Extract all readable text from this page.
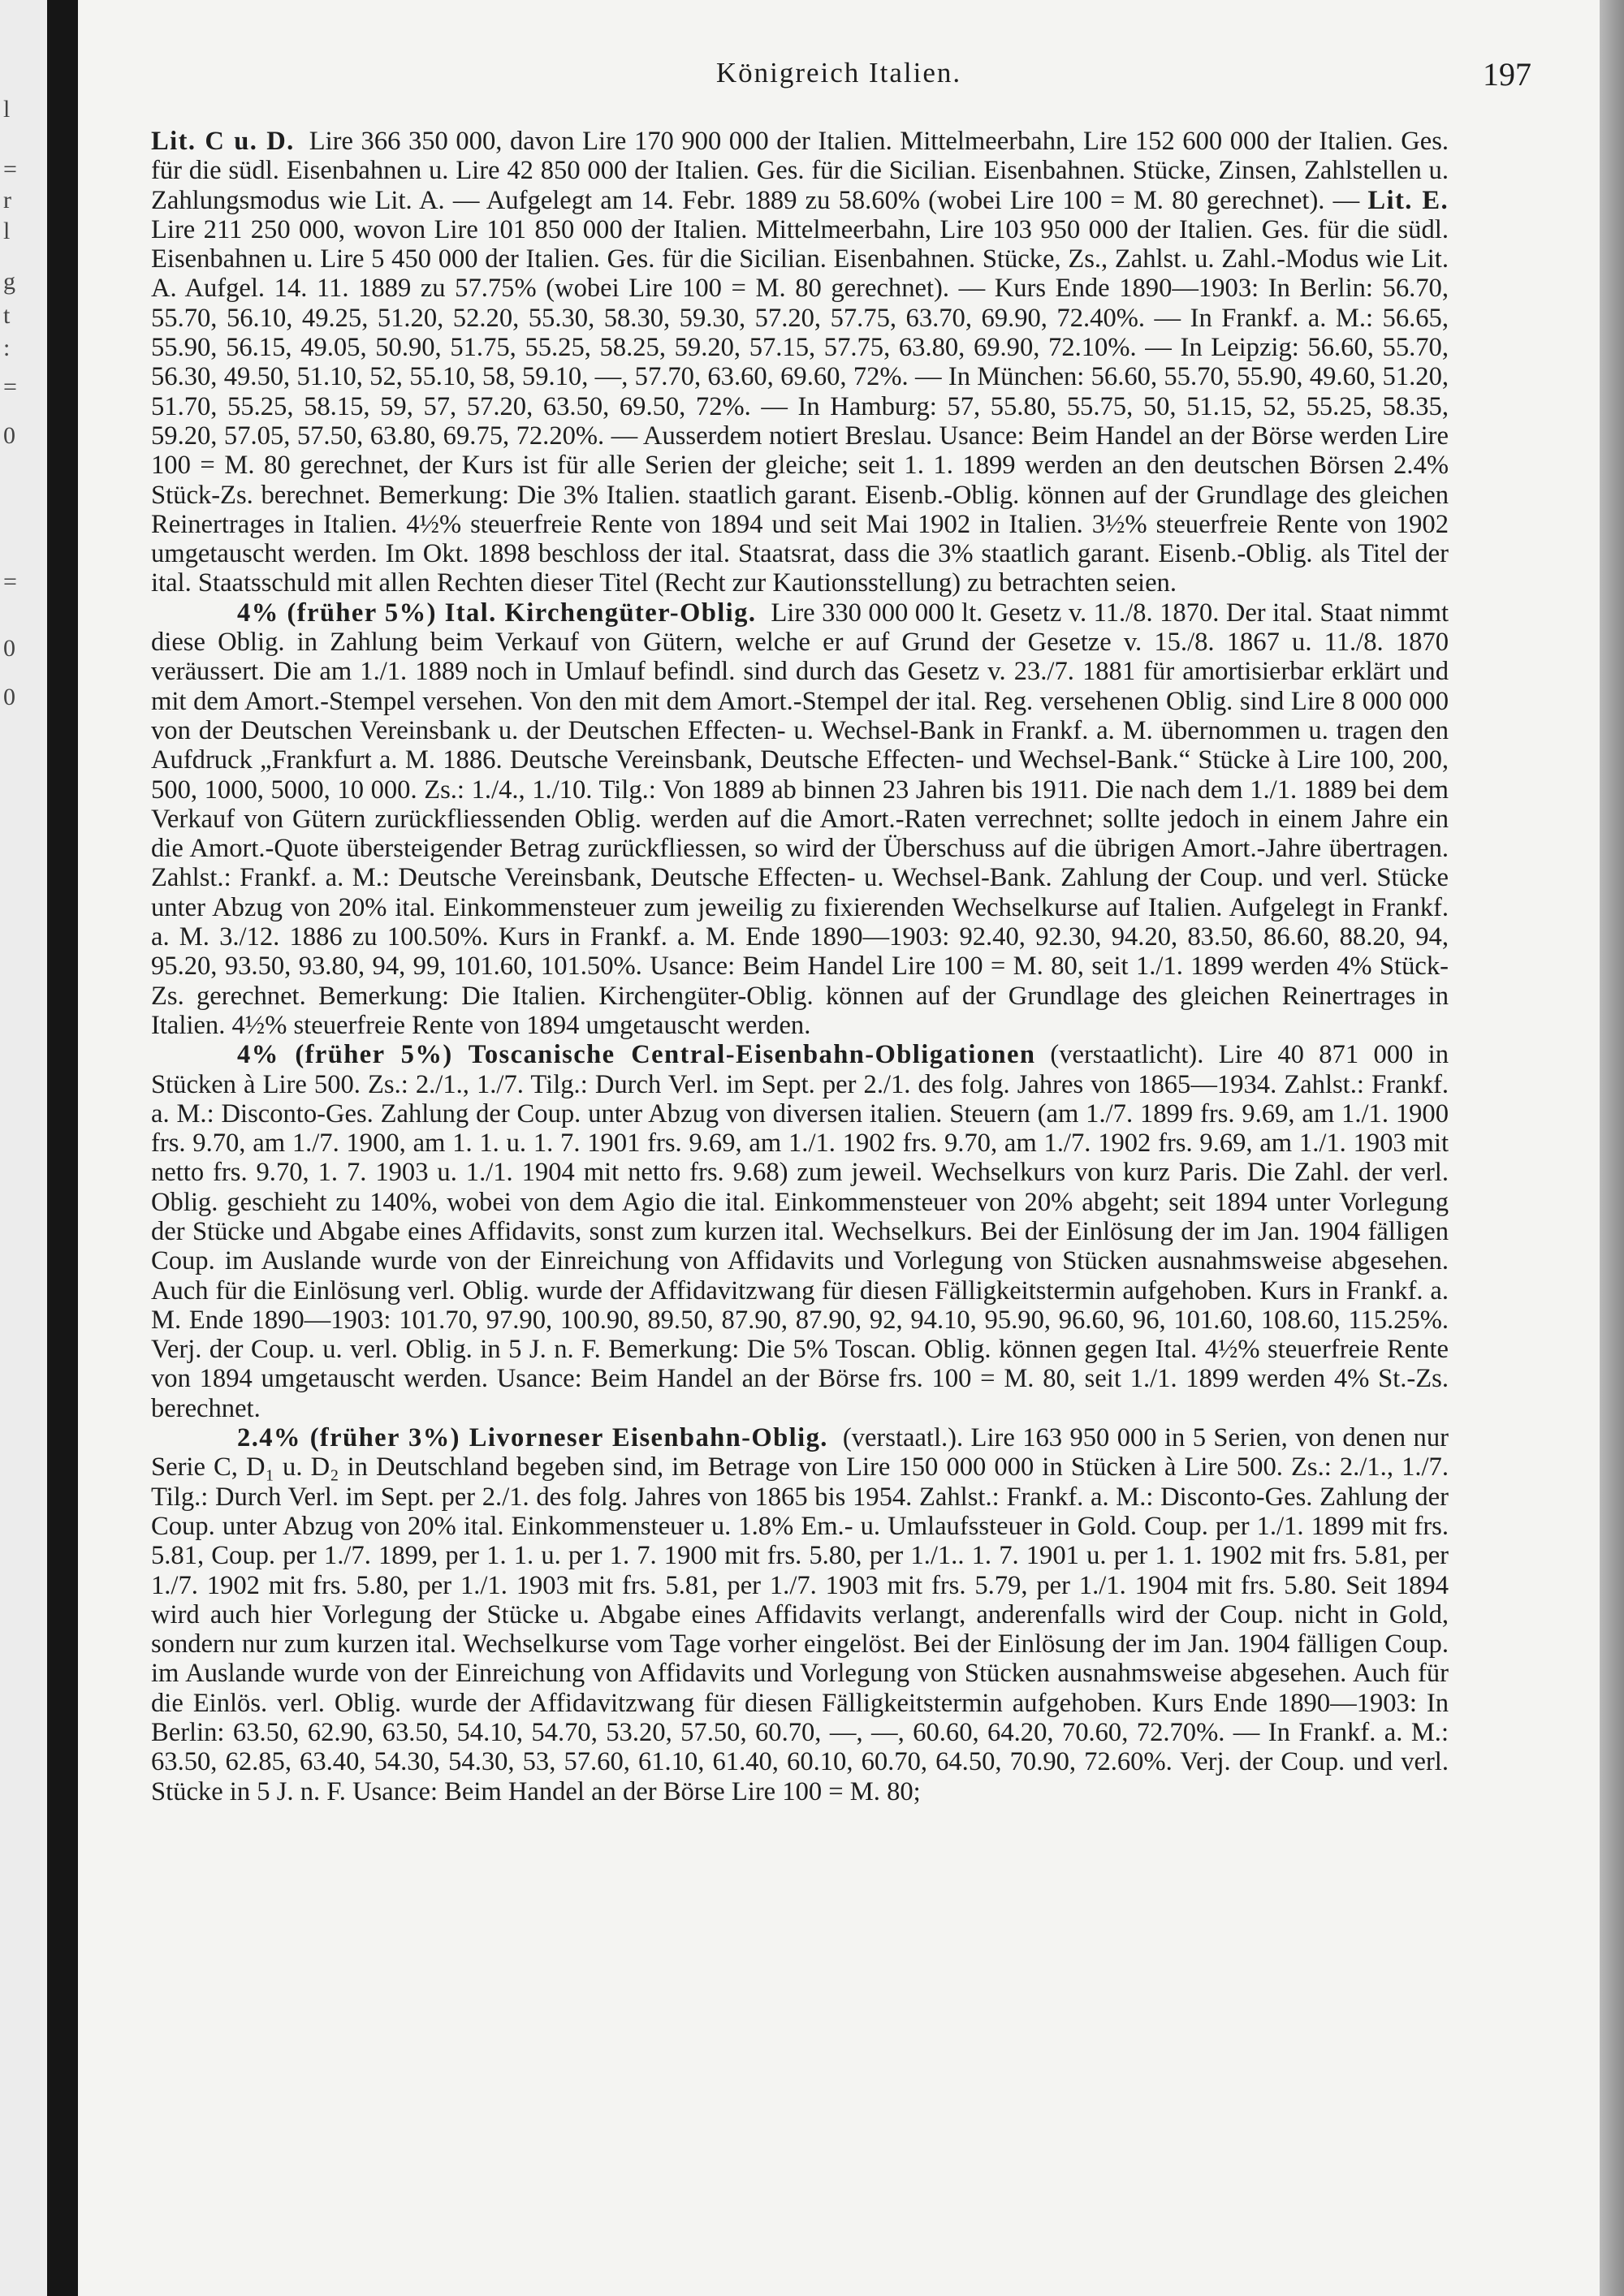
l
=
r
l
g
t
:
=
0
=
0
0
Königreich Italien.	197

Lit. C u. D. Lire 366 350 000, davon Lire 170 900 000 der Italien. Mittelmeerbahn, Lire 152 600 000 der Italien. Ges. für die südl. Eisenbahnen u. Lire 42 850 000 der Italien. Ges. für die Sicilian. Eisenbahnen. Stücke, Zinsen, Zahlstellen u. Zahlungsmodus wie Lit. A. — Aufgelegt am 14. Febr. 1889 zu 58.60% (wobei Lire 100 = M. 80 gerechnet). — Lit. E. Lire 211 250 000, wovon Lire 101 850 000 der Italien. Mittelmeerbahn, Lire 103 950 000 der Italien. Ges. für die südl. Eisenbahnen u. Lire 5 450 000 der Italien. Ges. für die Sicilian. Eisenbahnen. Stücke, Zs., Zahlst. u. Zahl.-Modus wie Lit. A. Aufgel. 14. 11. 1889 zu 57.75% (wobei Lire 100 = M. 80 gerechnet). — Kurs Ende 1890—1903: In Berlin: 56.70, 55.70, 56.10, 49.25, 51.20, 52.20, 55.30, 58.30, 59.30, 57.20, 57.75, 63.70, 69.90, 72.40%. — In Frankf. a. M.: 56.65, 55.90, 56.15, 49.05, 50.90, 51.75, 55.25, 58.25, 59.20, 57.15, 57.75, 63.80, 69.90, 72.10%. — In Leipzig: 56.60, 55.70, 56.30, 49.50, 51.10, 52, 55.10, 58, 59.10, —, 57.70, 63.60, 69.60, 72%. — In München: 56.60, 55.70, 55.90, 49.60, 51.20, 51.70, 55.25, 58.15, 59, 57, 57.20, 63.50, 69.50, 72%. — In Hamburg: 57, 55.80, 55.75, 50, 51.15, 52, 55.25, 58.35, 59.20, 57.05, 57.50, 63.80, 69.75, 72.20%. — Ausserdem notiert Breslau. Usance: Beim Handel an der Börse werden Lire 100 = M. 80 gerechnet, der Kurs ist für alle Serien der gleiche; seit 1. 1. 1899 werden an den deutschen Börsen 2.4% Stück-Zs. berechnet. Bemerkung: Die 3% Italien. staatlich garant. Eisenb.-Oblig. können auf der Grundlage des gleichen Reinertrages in Italien. 4½% steuerfreie Rente von 1894 und seit Mai 1902 in Italien. 3½% steuerfreie Rente von 1902 umgetauscht werden. Im Okt. 1898 beschloss der ital. Staatsrat, dass die 3% staatlich garant. Eisenb.-Oblig. als Titel der ital. Staatsschuld mit allen Rechten dieser Titel (Recht zur Kautionsstellung) zu betrachten seien.

4% (früher 5%) Ital. Kirchengüter-Oblig. Lire 330 000 000 lt. Gesetz v. 11./8. 1870. Der ital. Staat nimmt diese Oblig. in Zahlung beim Verkauf von Gütern, welche er auf Grund der Gesetze v. 15./8. 1867 u. 11./8. 1870 veräussert. Die am 1./1. 1889 noch in Umlauf befindl. sind durch das Gesetz v. 23./7. 1881 für amortisierbar erklärt und mit dem Amort.-Stempel versehen. Von den mit dem Amort.-Stempel der ital. Reg. versehenen Oblig. sind Lire 8 000 000 von der Deutschen Vereinsbank u. der Deutschen Effecten- u. Wechsel-Bank in Frankf. a. M. übernommen u. tragen den Aufdruck „Frankfurt a. M. 1886. Deutsche Vereinsbank, Deutsche Effecten- und Wechsel-Bank.“ Stücke à Lire 100, 200, 500, 1000, 5000, 10 000. Zs.: 1./4., 1./10. Tilg.: Von 1889 ab binnen 23 Jahren bis 1911. Die nach dem 1./1. 1889 bei dem Verkauf von Gütern zurückfliessenden Oblig. werden auf die Amort.-Raten verrechnet; sollte jedoch in einem Jahre ein die Amort.-Quote übersteigender Betrag zurückfliessen, so wird der Überschuss auf die übrigen Amort.-Jahre übertragen. Zahlst.: Frankf. a. M.: Deutsche Vereinsbank, Deutsche Effecten- u. Wechsel-Bank. Zahlung der Coup. und verl. Stücke unter Abzug von 20% ital. Einkommensteuer zum jeweilig zu fixierenden Wechselkurse auf Italien. Aufgelegt in Frankf. a. M. 3./12. 1886 zu 100.50%. Kurs in Frankf. a. M. Ende 1890—1903: 92.40, 92.30, 94.20, 83.50, 86.60, 88.20, 94, 95.20, 93.50, 93.80, 94, 99, 101.60, 101.50%. Usance: Beim Handel Lire 100 = M. 80, seit 1./1. 1899 werden 4% Stück-Zs. gerechnet. Bemerkung: Die Italien. Kirchengüter-Oblig. können auf der Grundlage des gleichen Reinertrages in Italien. 4½% steuerfreie Rente von 1894 umgetauscht werden.

4% (früher 5%) Toscanische Central-Eisenbahn-Obligationen (verstaatlicht). Lire 40 871 000 in Stücken à Lire 500. Zs.: 2./1., 1./7. Tilg.: Durch Verl. im Sept. per 2./1. des folg. Jahres von 1865—1934. Zahlst.: Frankf. a. M.: Disconto-Ges. Zahlung der Coup. unter Abzug von diversen italien. Steuern (am 1./7. 1899 frs. 9.69, am 1./1. 1900 frs. 9.70, am 1./7. 1900, am 1. 1. u. 1. 7. 1901 frs. 9.69, am 1./1. 1902 frs. 9.70, am 1./7. 1902 frs. 9.69, am 1./1. 1903 mit netto frs. 9.70, 1. 7. 1903 u. 1./1. 1904 mit netto frs. 9.68) zum jeweil. Wechselkurs von kurz Paris. Die Zahl. der verl. Oblig. geschieht zu 140%, wobei von dem Agio die ital. Einkommensteuer von 20% abgeht; seit 1894 unter Vorlegung der Stücke und Abgabe eines Affidavits, sonst zum kurzen ital. Wechselkurs. Bei der Einlösung der im Jan. 1904 fälligen Coup. im Auslande wurde von der Einreichung von Affidavits und Vorlegung von Stücken ausnahmsweise abgesehen. Auch für die Einlösung verl. Oblig. wurde der Affidavitzwang für diesen Fälligkeitstermin aufgehoben. Kurs in Frankf. a. M. Ende 1890—1903: 101.70, 97.90, 100.90, 89.50, 87.90, 87.90, 92, 94.10, 95.90, 96.60, 96, 101.60, 108.60, 115.25%. Verj. der Coup. u. verl. Oblig. in 5 J. n. F. Bemerkung: Die 5% Toscan. Oblig. können gegen Ital. 4½% steuerfreie Rente von 1894 umgetauscht werden. Usance: Beim Handel an der Börse frs. 100 = M. 80, seit 1./1. 1899 werden 4% St.-Zs. berechnet.

2.4% (früher 3%) Livorneser Eisenbahn-Oblig. (verstaatl.). Lire 163 950 000 in 5 Serien, von denen nur Serie C, D₁ u. D₂ in Deutschland begeben sind, im Betrage von Lire 150 000 000 in Stücken à Lire 500. Zs.: 2./1., 1./7. Tilg.: Durch Verl. im Sept. per 2./1. des folg. Jahres von 1865 bis 1954. Zahlst.: Frankf. a. M.: Disconto-Ges. Zahlung der Coup. unter Abzug von 20% ital. Einkommensteuer u. 1.8% Em.- u. Umlaufssteuer in Gold. Coup. per 1./1. 1899 mit frs. 5.81, Coup. per 1./7. 1899, per 1. 1. u. per 1. 7. 1900 mit frs. 5.80, per 1./1.. 1. 7. 1901 u. per 1. 1. 1902 mit frs. 5.81, per 1./7. 1902 mit frs. 5.80, per 1./1. 1903 mit frs. 5.81, per 1./7. 1903 mit frs. 5.79, per 1./1. 1904 mit frs. 5.80. Seit 1894 wird auch hier Vorlegung der Stücke u. Abgabe eines Affidavits verlangt, anderenfalls wird der Coup. nicht in Gold, sondern nur zum kurzen ital. Wechselkurse vom Tage vorher eingelöst. Bei der Einlösung der im Jan. 1904 fälligen Coup. im Auslande wurde von der Einreichung von Affidavits und Vorlegung von Stücken ausnahmsweise abgesehen. Auch für die Einlös. verl. Oblig. wurde der Affidavitzwang für diesen Fälligkeitstermin aufgehoben. Kurs Ende 1890—1903: In Berlin: 63.50, 62.90, 63.50, 54.10, 54.70, 53.20, 57.50, 60.70, —, —, 60.60, 64.20, 70.60, 72.70%. — In Frankf. a. M.: 63.50, 62.85, 63.40, 54.30, 54.30, 53, 57.60, 61.10, 61.40, 60.10, 60.70, 64.50, 70.90, 72.60%. Verj. der Coup. und verl. Stücke in 5 J. n. F. Usance: Beim Handel an der Börse Lire 100 = M. 80;
